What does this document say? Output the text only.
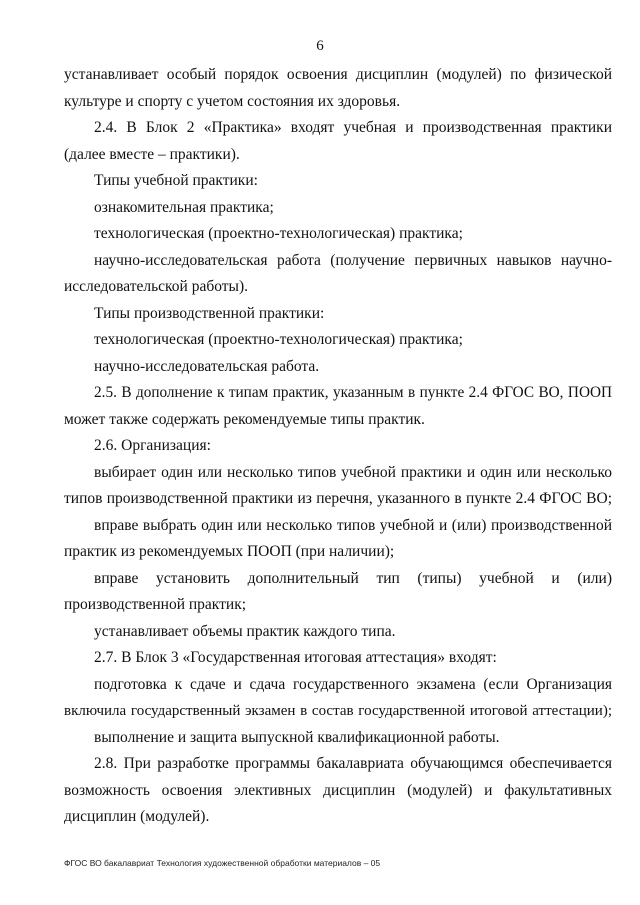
6
устанавливает особый порядок освоения дисциплин (модулей) по физической
культуре и спорту с учетом состояния их здоровья.
2.4. В Блок 2 «Практика» входят учебная и производственная практики
(далее вместе – практики).
Типы учебной практики:
ознакомительная практика;
технологическая (проектно-технологическая) практика;
научно-исследовательская работа (получение первичных навыков научно-
исследовательской работы).
Типы производственной практики:
технологическая (проектно-технологическая) практика;
научно-исследовательская работа.
2.5. В дополнение к типам практик, указанным в пункте 2.4 ФГОС ВО, ПООП
может также содержать рекомендуемые типы практик.
2.6. Организация:
выбирает один или несколько типов учебной практики и один или несколько
типов производственной практики из перечня, указанного в пункте 2.4 ФГОС ВО;
вправе выбрать один или несколько типов учебной и (или) производственной
практик из рекомендуемых ПООП (при наличии);
вправе установить дополнительный тип (типы) учебной и (или)
производственной практик;
устанавливает объемы практик каждого типа.
2.7. В Блок 3 «Государственная итоговая аттестация» входят:
подготовка к сдаче и сдача государственного экзамена (если Организация
включила государственный экзамен в состав государственной итоговой аттестации);
выполнение и защита выпускной квалификационной работы.
2.8. При разработке программы бакалавриата обучающимся обеспечивается
возможность освоения элективных дисциплин (модулей) и факультативных
дисциплин (модулей).
ФГОС ВО бакалавриат Технология художественной обработки материалов – 05
